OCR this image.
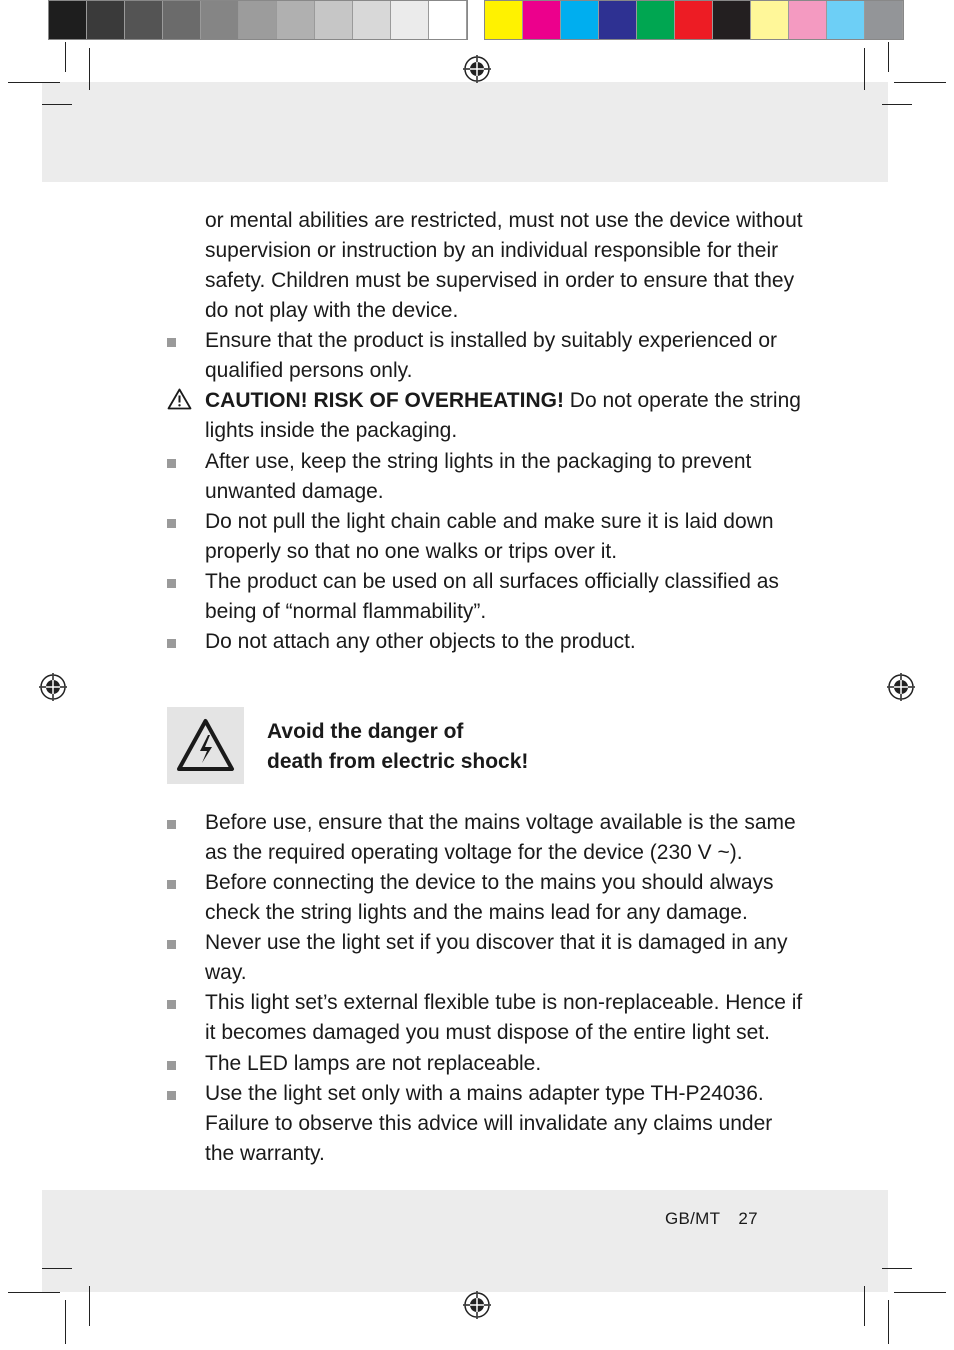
or mental abilities are restricted, must not use the device without supervision or instruction by an individual responsible for their safety. Children must be supervised in order to ensure that they do not play with the device.
Ensure that the product is installed by suitably experienced or qualified persons only.
CAUTION! RISK OF OVERHEATING! Do not operate the string lights inside the packaging.
After use, keep the string lights in the packaging to prevent unwanted damage.
Do not pull the light chain cable and make sure it is laid down properly so that no one walks or trips over it.
The product can be used on all surfaces officially classified as being of “normal flammability”.
Do not attach any other objects to the product.
Avoid the danger of
death from electric shock!
Before use, ensure that the mains voltage available is the same as the required operating voltage for the device (230 V ~).
Before connecting the device to the mains you should always check the string lights and the mains lead for any damage.
Never use the light set if you discover that it is damaged in any way.
This light set’s external flexible tube is non-replaceable. Hence if it becomes damaged you must dispose of the entire light set.
The LED lamps are not replaceable.
Use the light set only with a mains adapter type TH-P24036. Failure to observe this advice will invalidate any claims under the warranty.
GB/MT 27
